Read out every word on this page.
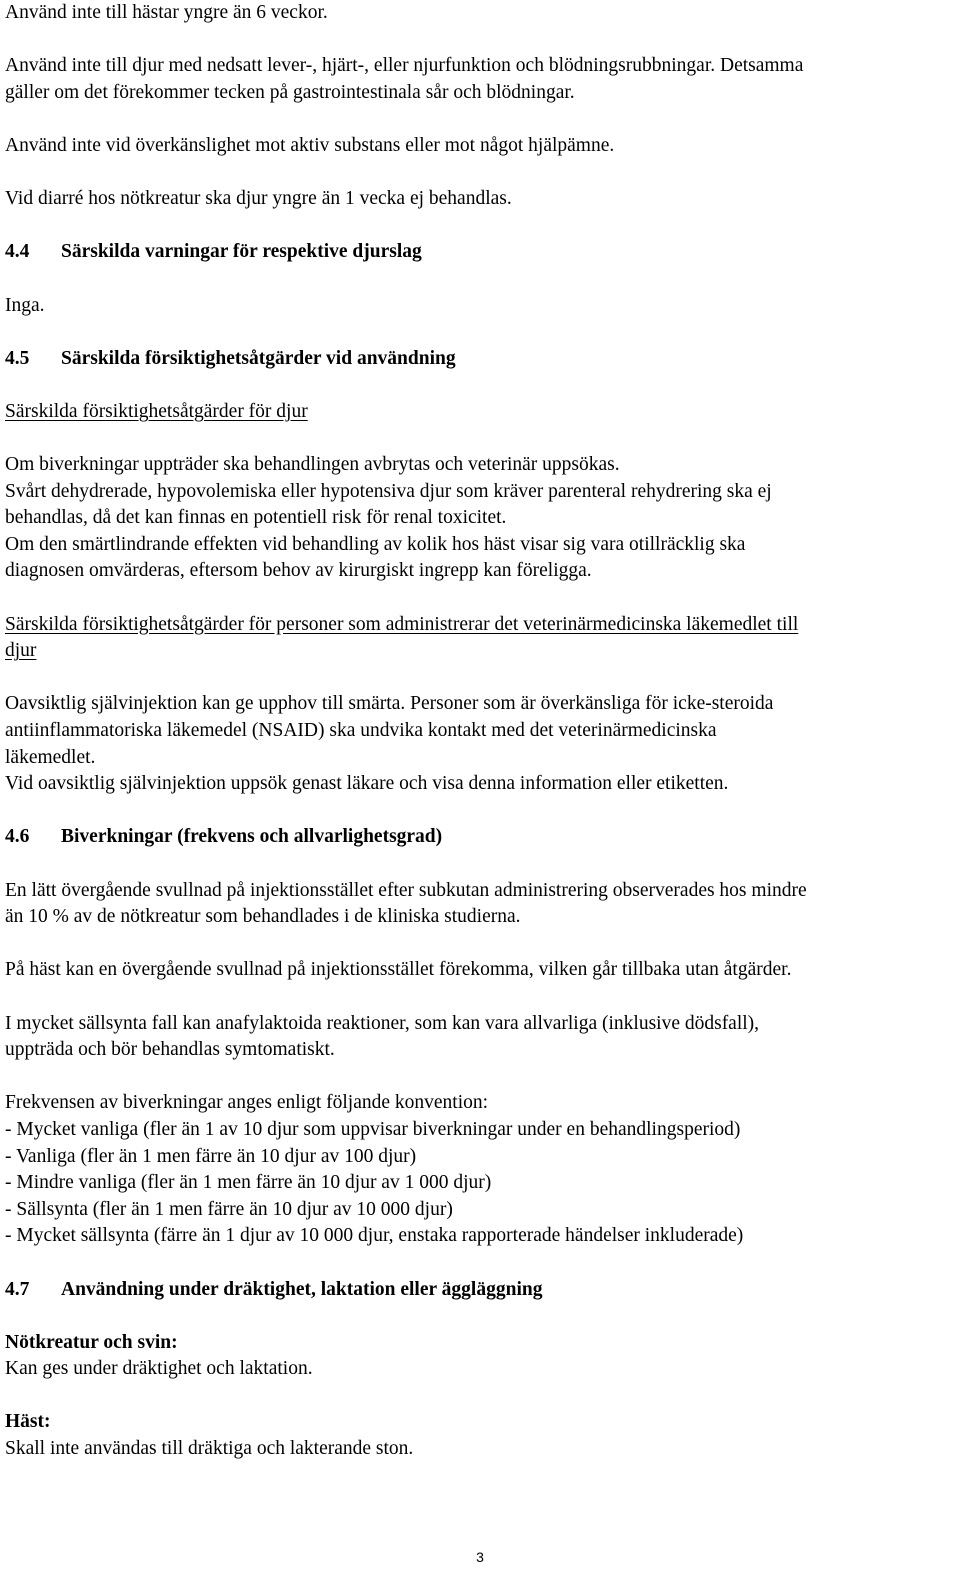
Använd inte till hästar yngre än 6 veckor.
Använd inte till djur med nedsatt lever-, hjärt-, eller njurfunktion och blödningsrubbningar. Detsamma
gäller om det förekommer tecken på gastrointestinala sår och blödningar.
Använd inte vid överkänslighet mot aktiv substans eller mot något hjälpämne.
Vid diarré hos nötkreatur ska djur yngre än 1 vecka ej behandlas.
4.4 Särskilda varningar för respektive djurslag
Inga.
4.5 Särskilda försiktighetsåtgärder vid användning
Särskilda försiktighetsåtgärder för djur
Om biverkningar uppträder ska behandlingen avbrytas och veterinär uppsökas.
Svårt dehydrerade, hypovolemiska eller hypotensiva djur som kräver parenteral rehydrering ska ej
behandlas, då det kan finnas en potentiell risk för renal toxicitet.
Om den smärtlindrande effekten vid behandling av kolik hos häst visar sig vara otillräcklig ska
diagnosen omvärderas, eftersom behov av kirurgiskt ingrepp kan föreligga.
Särskilda försiktighetsåtgärder för personer som administrerar det veterinärmedicinska läkemedlet till
djur
Oavsiktlig självinjektion kan ge upphov till smärta. Personer som är överkänsliga för icke-steroida
antiinflammatoriska läkemedel (NSAID) ska undvika kontakt med det veterinärmedicinska
läkemedlet.
Vid oavsiktlig självinjektion uppsök genast läkare och visa denna information eller etiketten.
4.6 Biverkningar (frekvens och allvarlighetsgrad)
En lätt övergående svullnad på injektionsstället efter subkutan administrering observerades hos mindre
än 10 % av de nötkreatur som behandlades i de kliniska studierna.
På häst kan en övergående svullnad på injektionsstället förekomma, vilken går tillbaka utan åtgärder.
I mycket sällsynta fall kan anafylaktoida reaktioner, som kan vara allvarliga (inklusive dödsfall),
uppträda och bör behandlas symtomatiskt.
Frekvensen av biverkningar anges enligt följande konvention:
- Mycket vanliga (fler än 1 av 10 djur som uppvisar biverkningar under en behandlingsperiod)
- Vanliga (fler än 1 men färre än 10 djur av 100 djur)
- Mindre vanliga (fler än 1 men färre än 10 djur av 1 000 djur)
- Sällsynta (fler än 1 men färre än 10 djur av 10 000 djur)
- Mycket sällsynta (färre än 1 djur av 10 000 djur, enstaka rapporterade händelser inkluderade)
4.7 Användning under dräktighet, laktation eller äggläggning
Nötkreatur och svin:
Kan ges under dräktighet och laktation.
Häst:
Skall inte användas till dräktiga och lakterande ston.
3
